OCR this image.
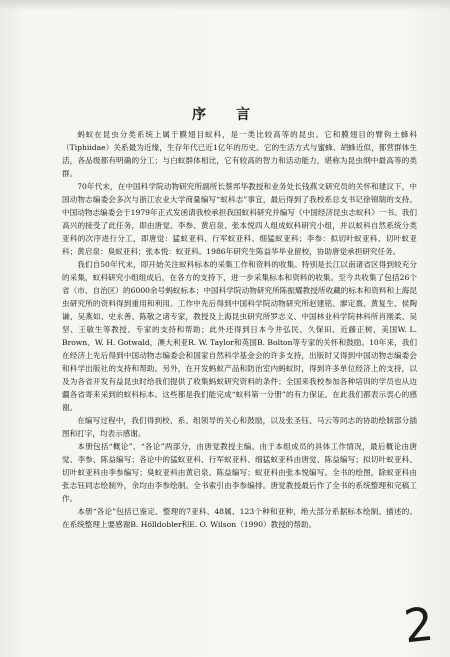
序　言

蚂蚁在昆虫分类系统上属于膜翅目蚁科，是一类比较高等的昆虫。它和膜翅目的臂钩土蜂科（Tiphiidae）关系最为近缘，生存年代已近1亿年的历史。它的生活方式与蜜蜂、胡蜂近似，都营群体生活，各品级都有明确的分工；与白蚁群体相比，它有较高的智力和活动能力，堪称为昆虫纲中最高等的类群。

70年代末，在中国科学院动物研究所副所长蔡邦华教授和业务处长钱燕文研究员的关怀和建议下，中国动物志编委会多次与浙江农业大学商量编写“蚁科志”事宜，最后得到了我校系总支书记徐锦瑞的支持。中国动物志编委会于1979年正式发函请我校承担我国蚁科研究并编写《中国经济昆虫志蚁科》一书。我们高兴的接受了此任务，即由唐觉、李参、黄启泉、张本悦四人组成蚁科研究小组，并以蚁科自然系统分类亚科的次序进行分工，即唐觉：猛蚁亚科、行军蚁亚科、细猛蚁亚科；李参：拟切叶蚁亚科、切叶蚁亚科；黄启泉：臭蚁亚科；张本悦：蚁亚科。1986年研究生陈益华毕业留校，协助唐觉承担研究任务。

我们自50年代末，即开始关注蚁科标本的采集工作和资料的收集。特别是长江以南诸省区得到较充分的采集，蚁科研究小组组成后，在各方的支持下，进一步采集标本和资料的收集。至今共收集了包括26个省（市、自治区）的6000余号蚂蚁标本；中国科学院动物研究所陈振耀教授所收藏的标本和资料和上海昆虫研究所的资料得到重用和利用。工作中先后得到中国科学院动物研究所赵建铭、廖定熹、黄复生、侯陶谦、吴燕如、史永善、陈敬之诸专家，教授及上海昆虫研究所罗志义、中国林业科学院林科所肖刚柔、吴坚、王敏生等教授、专家的支持和帮助；此外还得到日本今井弘民、久保田、近藤正树，美国W. L. Brown、W. H. Gotwald，澳大利亚R. W. Taylor和英国B. Bolton等专家的关怀和鼓励。10年来，我们在经济上先后得到中国动物志编委会和国家自然科学基金会的许多支持，出版时又得到中国动物志编委会和科学出版社的支持和帮助。另外，在开发蚂蚁产品和防治室内蚂蚁时，得到许多单位经济上的支持，以及为各省开发有益昆虫时给我们提供了收集蚂蚁研究资料的条件；全国来我校参加各种培训的学员也从边疆各省寄来采到的蚁科标本。这些都是我们能完成“蚁科第一分册”的有力保证。在此我们都表示衷心的感谢。

在编写过程中，我们得到校、系、组领导的关心和鼓励，以及张圣钰、马云等同志的协助绘制部分插图和打字，均表示感谢。

本册包括“概论”、“各论”两部分，由唐觉教授主编。由于本组成员的具体工作情况，最后概论由唐觉、李参、陈益编写；各论中的猛蚁亚科、行军蚁亚科、细猛蚁亚科由唐觉、陈益编写；拟切叶蚁亚科、切叶蚁亚科由李参编写；臭蚁亚科由黄启泉、陈益编写；蚁亚科由张本悦编写。全书的绘图，除蚁亚科由张志钰同志绘制外，余均由李参绘制。全书索引由李参编排。唐觉教授最后作了全书的系统整理和完稿工作。

本册“各论”包括已鉴定、整理的7亚科、48属、123个种和亚种，绝大部分系据标本绘制、描述的。在系统整理上要感谢B. Hölldobler和E. O. Wilson（1990）教授的帮助。

2
